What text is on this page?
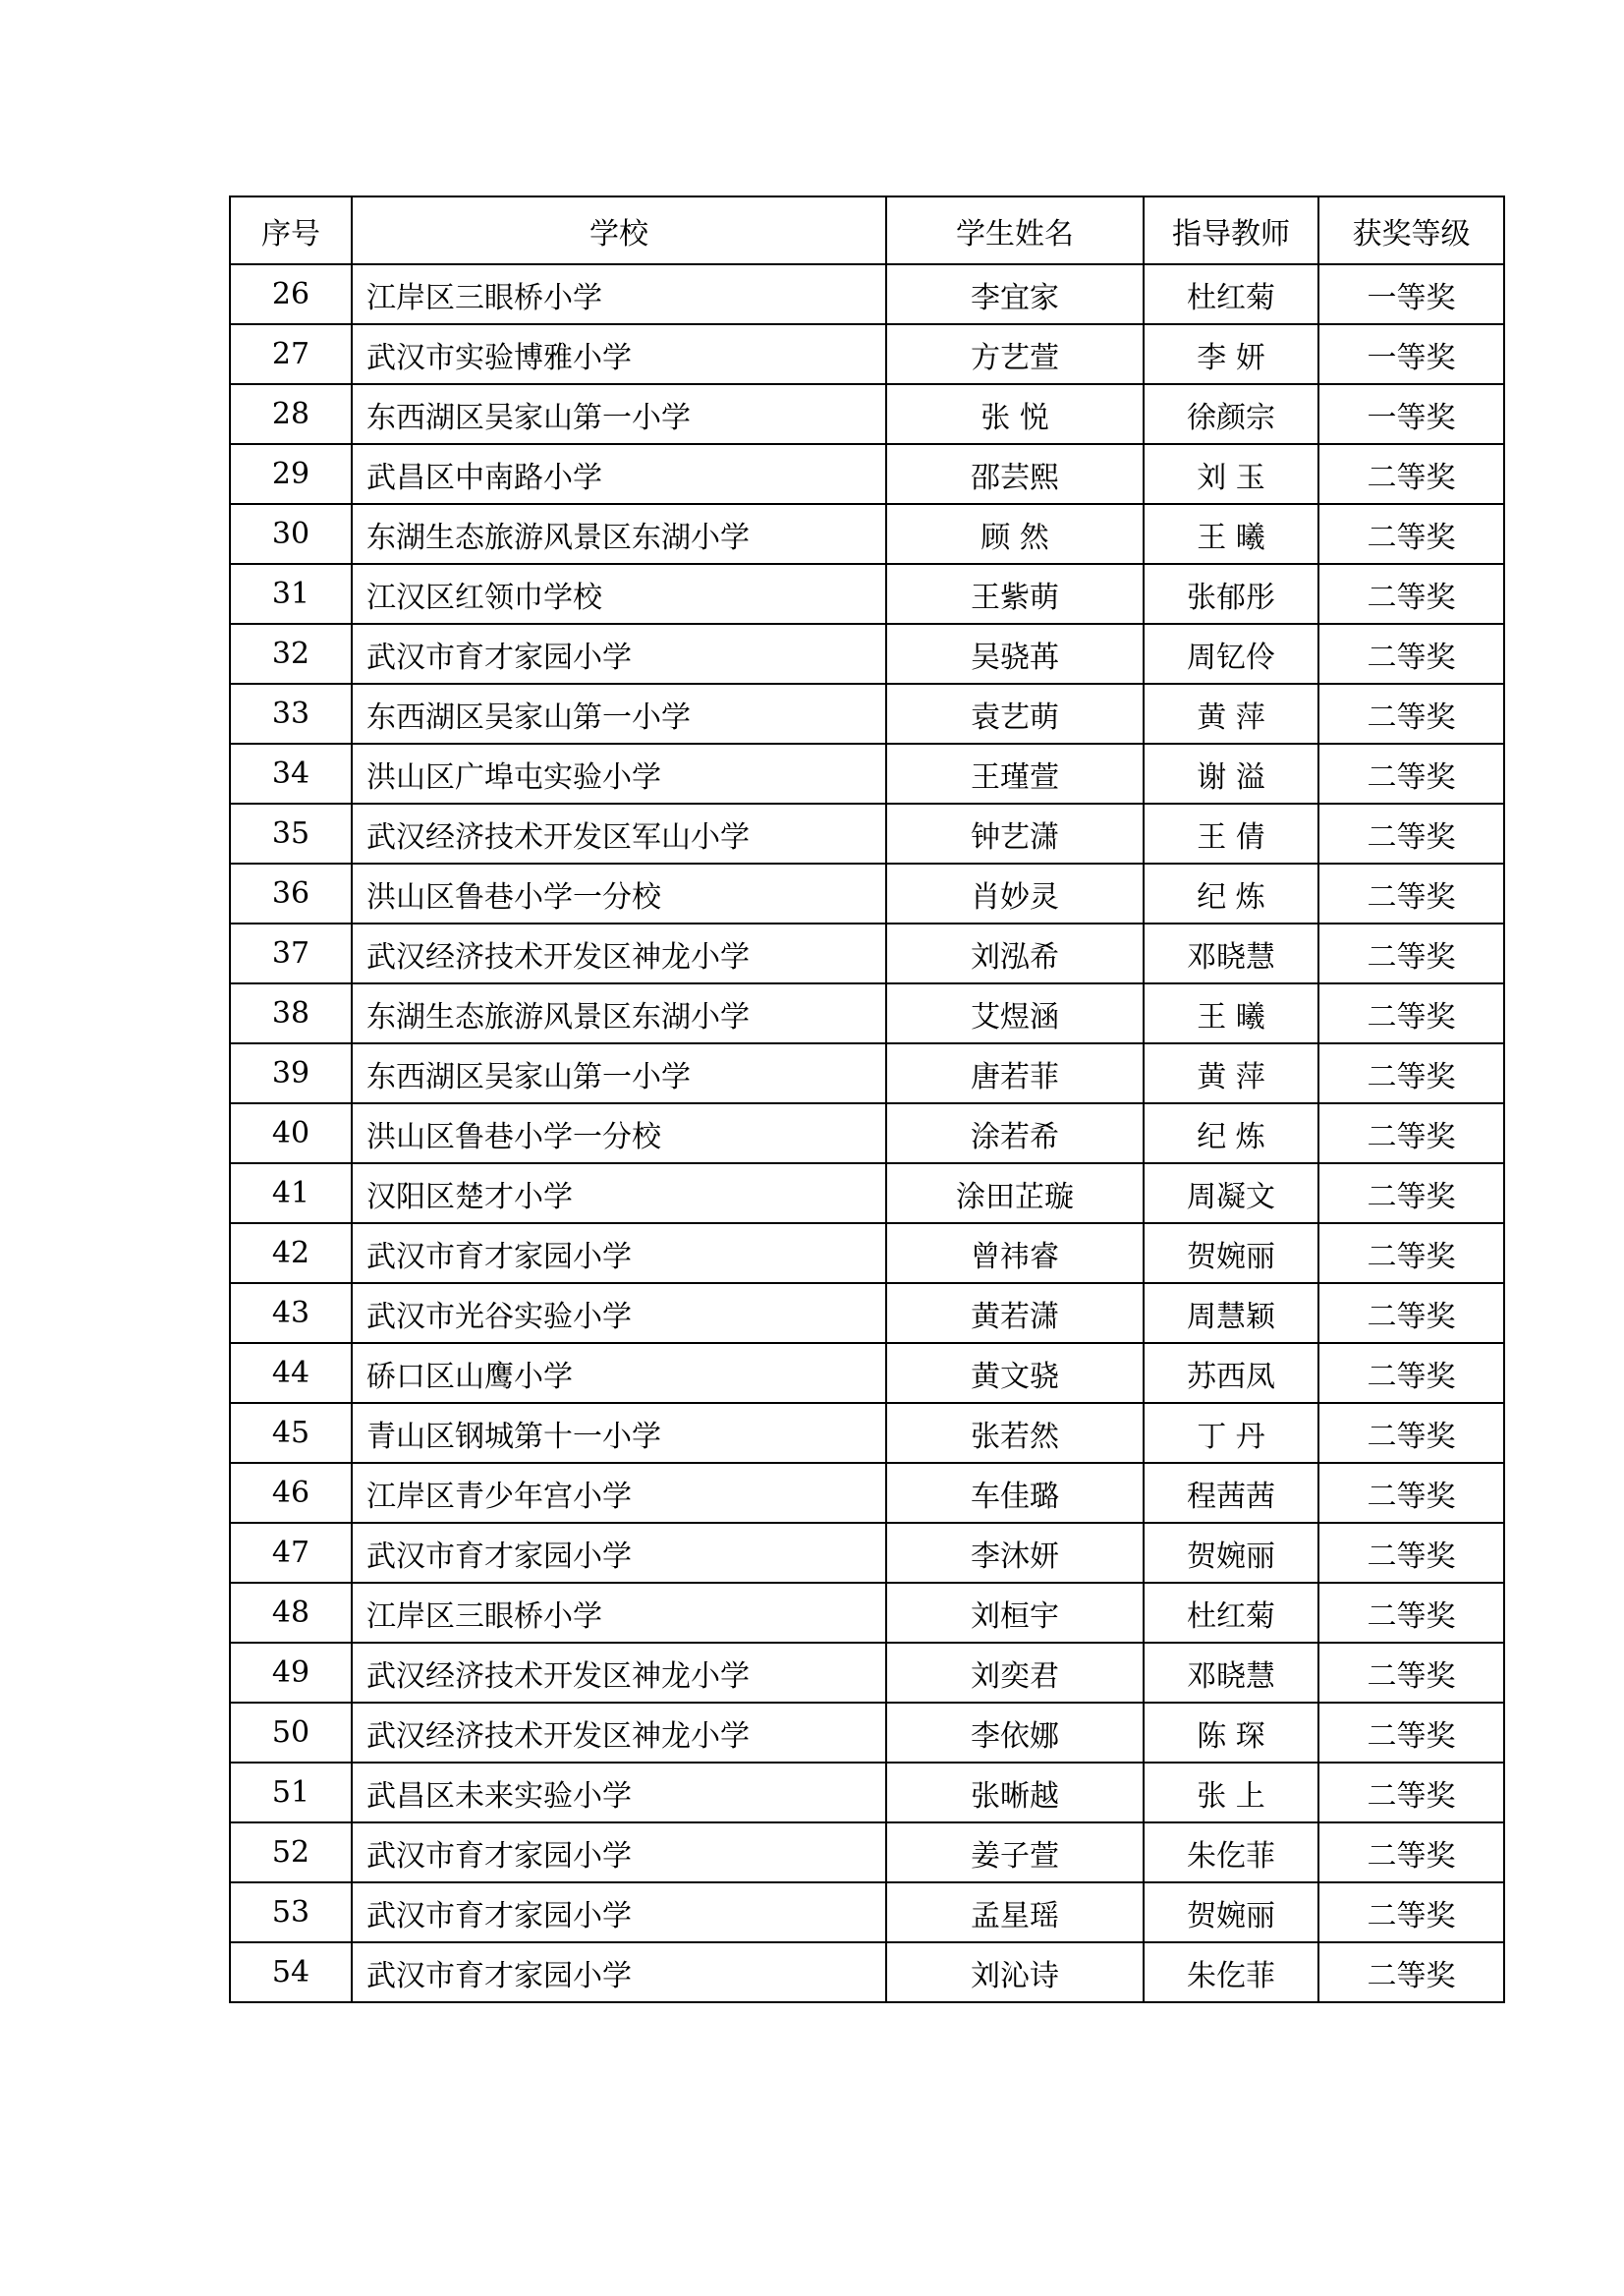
序号	学校	学生姓名	指导教师	获奖等级
26	江岸区三眼桥小学	李宜家	杜红菊	一等奖
27	武汉市实验博雅小学	方艺萱	李 妍	一等奖
28	东西湖区吴家山第一小学	张 悦	徐颜宗	一等奖
29	武昌区中南路小学	邵芸熙	刘 玉	二等奖
30	东湖生态旅游风景区东湖小学	顾 然	王 曦	二等奖
31	江汉区红领巾学校	王紫萌	张郁彤	二等奖
32	武汉市育才家园小学	吴骁苒	周钇伶	二等奖
33	东西湖区吴家山第一小学	袁艺萌	黄 萍	二等奖
34	洪山区广埠屯实验小学	王瑾萱	谢 溢	二等奖
35	武汉经济技术开发区军山小学	钟艺潇	王 倩	二等奖
36	洪山区鲁巷小学一分校	肖妙灵	纪 炼	二等奖
37	武汉经济技术开发区神龙小学	刘泓希	邓晓慧	二等奖
38	东湖生态旅游风景区东湖小学	艾煜涵	王 曦	二等奖
39	东西湖区吴家山第一小学	唐若菲	黄 萍	二等奖
40	洪山区鲁巷小学一分校	涂若希	纪 炼	二等奖
41	汉阳区楚才小学	涂田芷璇	周凝文	二等奖
42	武汉市育才家园小学	曾祎睿	贺婉丽	二等奖
43	武汉市光谷实验小学	黄若潇	周慧颖	二等奖
44	硚口区山鹰小学	黄文骁	苏西凤	二等奖
45	青山区钢城第十一小学	张若然	丁 丹	二等奖
46	江岸区青少年宫小学	车佳璐	程茜茜	二等奖
47	武汉市育才家园小学	李沐妍	贺婉丽	二等奖
48	江岸区三眼桥小学	刘桓宇	杜红菊	二等奖
49	武汉经济技术开发区神龙小学	刘奕君	邓晓慧	二等奖
50	武汉经济技术开发区神龙小学	李依娜	陈 琛	二等奖
51	武昌区未来实验小学	张晰越	张 上	二等奖
52	武汉市育才家园小学	姜子萱	朱仡菲	二等奖
53	武汉市育才家园小学	孟星瑶	贺婉丽	二等奖
54	武汉市育才家园小学	刘沁诗	朱仡菲	二等奖
